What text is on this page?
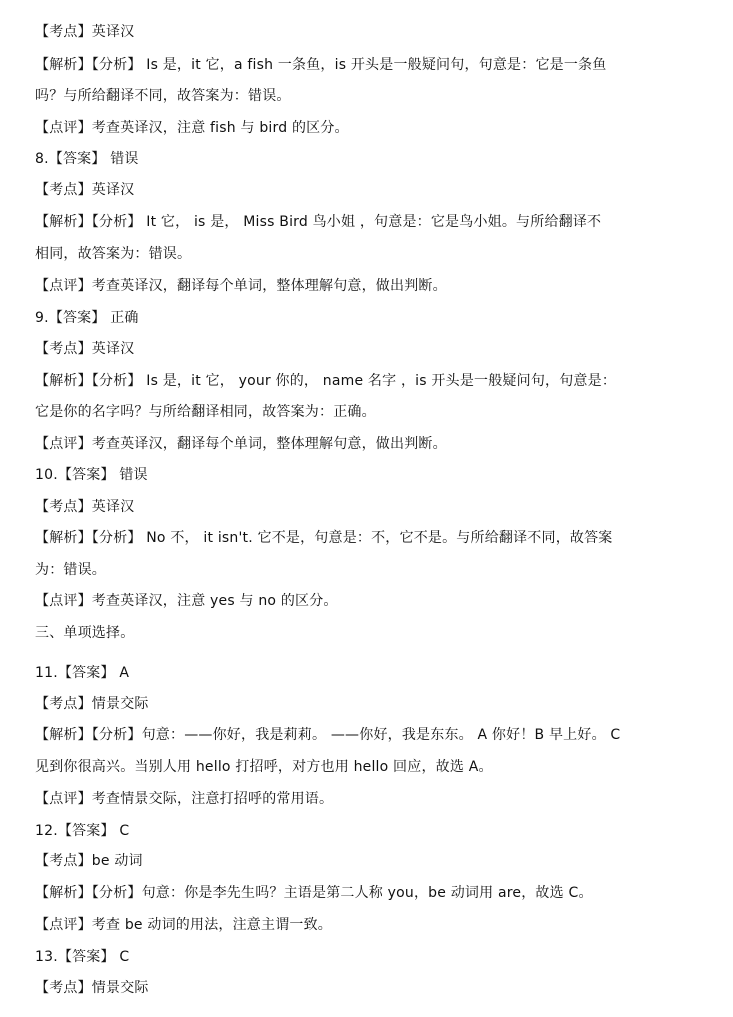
【考点】英译汉
【解析】【分析】 Is 是，it 它，a fish 一条鱼，is 开头是一般疑问句，句意是：它是一条鱼
吗？与所给翻译不同，故答案为：错误。
【点评】考查英译汉，注意 fish 与 bird 的区分。
8.【答案】 错误
【考点】英译汉
【解析】【分析】 It 它， is 是， Miss Bird 鸟小姐 ，句意是：它是鸟小姐。与所给翻译不
相同，故答案为：错误。
【点评】考查英译汉，翻译每个单词，整体理解句意，做出判断。
9.【答案】 正确
【考点】英译汉
【解析】【分析】 Is 是，it 它， your 你的， name 名字 ，is 开头是一般疑问句，句意是：
它是你的名字吗？与所给翻译相同，故答案为：正确。
【点评】考查英译汉，翻译每个单词，整体理解句意，做出判断。
10.【答案】 错误
【考点】英译汉
【解析】【分析】 No 不， it isn't. 它不是，句意是：不，它不是。与所给翻译不同，故答案
为：错误。
【点评】考查英译汉，注意 yes 与 no 的区分。
三、单项选择。
11.【答案】 A
【考点】情景交际
【解析】【分析】句意：——你好，我是莉莉。 ——你好，我是东东。 A 你好！B 早上好。 C
见到你很高兴。当别人用 hello 打招呼，对方也用 hello 回应，故选 A。
【点评】考查情景交际，注意打招呼的常用语。
12.【答案】 C
【考点】be 动词
【解析】【分析】句意：你是李先生吗？主语是第二人称 you，be 动词用 are，故选 C。
【点评】考查 be 动词的用法，注意主谓一致。
13.【答案】 C
【考点】情景交际
